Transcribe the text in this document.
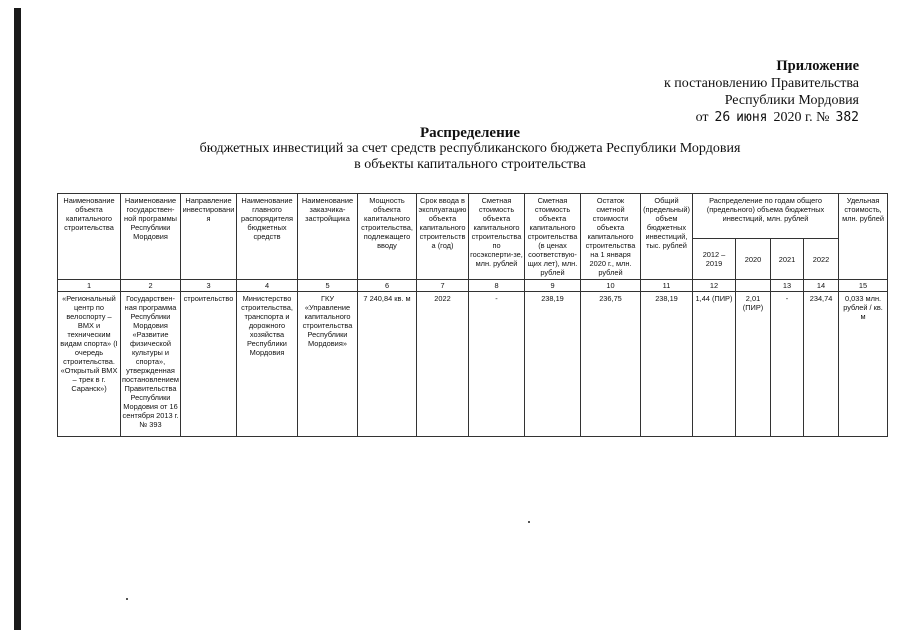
Приложение
к постановлению Правительства
Республики Мордовия
от 26 июня 2020 г. № 382
Распределение
бюджетных инвестиций за счет средств республиканского бюджета Республики Мордовия
в объекты капитального строительства
Наименование объекта капитального строительства	Наименование государствен-ной программы Республики Мордовия	Направление инвестирования	Наименование главного распорядителя бюджетных средств	Наименование заказчика-застройщика	Мощность объекта капитального строительства, подлежащего вводу	Срок ввода в эксплуатацию объекта капитального строительства (год)	Сметная стоимость объекта капитального строительства по госэксперти-зе, млн. рублей	Сметная стоимость объекта капитального строительства (в ценах соответствую-щих лет), млн. рублей	Остаток сметной стоимости объекта капитального строительства на 1 января 2020 г., млн. рублей	Общий (предельный) объем бюджетных инвестиций, тыс. рублей	Распределение по годам общего (предельного) объема бюджетных инвестиций, млн. рублей				Удельная стоимость, млн. рублей
											2012 – 2019	2020	2021	2022	
1	2	3	4	5	6	7	8	9	10	11	12		13	14	15
«Региональный центр по велоспорту – ВМХ и техническим видам спорта» (I очередь строительства. «Открытый ВМХ – трек в г. Саранск»)	Государствен-ная программа Республики Мордовия «Развитие физической культуры и спорта», утвержденная постановлением Правительства Республики Мордовия от 16 сентября 2013 г. № 393	строительство	Министерство строительства, транспорта и дорожного хозяйства Республики Мордовия	ГКУ «Управление капитального строительства Республики Мордовия»	7 240,84 кв. м	2022	-	238,19	236,75	238,19	1,44 (ПИР)	2,01 (ПИР)	-	234,74	0,033 млн. рублей / кв. м
